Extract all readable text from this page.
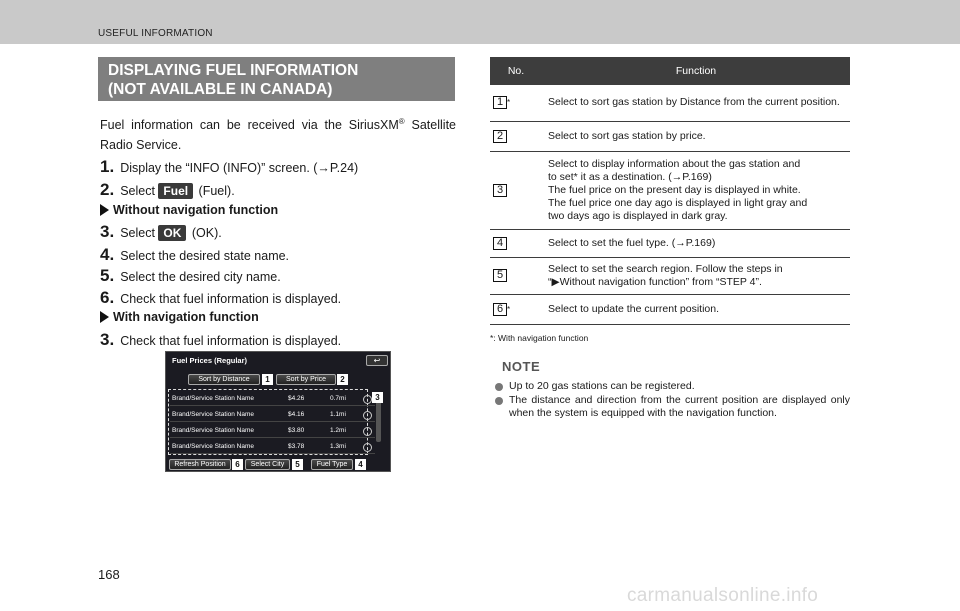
USEFUL INFORMATION
DISPLAYING FUEL INFORMATION
(NOT AVAILABLE IN CANADA)

Fuel information can be received via the SiriusXM® Satellite Radio Service.

1. Display the “INFO (INFO)” screen. (→P.24)
2. Select Fuel (Fuel).
Without navigation function
3. Select OK (OK).
4. Select the desired state name.
5. Select the desired city name.
6. Check that fuel information is displayed.
With navigation function
3. Check that fuel information is displayed.
Fuel Prices (Regular)	↩
Sort by Distance	1	Sort by Price	2
Brand/Service Station Name	$4.26	0.7mi
Brand/Service Station Name	$4.16	1.1mi
Brand/Service Station Name	$3.80	1.2mi
Brand/Service Station Name	$3.78	1.3mi
3
Refresh Position	6	Select City	5	Fuel Type	4
No.	Function
1 *	Select to sort gas station by Distance from the current position.
2	Select to sort gas station by price.
3	Select to display information about the gas station and
to set* it as a destination. (→P.169)
The fuel price on the present day is displayed in white.
The fuel price one day ago is displayed in light gray and
two days ago is displayed in dark gray.

4	Select to set the fuel type. (→P.169)
5	Select to set the search region. Follow the steps in
“▶Without navigation function” from “STEP 4”.

6 *	Select to update the current position.
*: With navigation function
NOTE
Up to 20 gas stations can be registered.
The distance and direction from the current position are displayed only when the system is equipped with the navigation function.
168
carmanualsonline.info
